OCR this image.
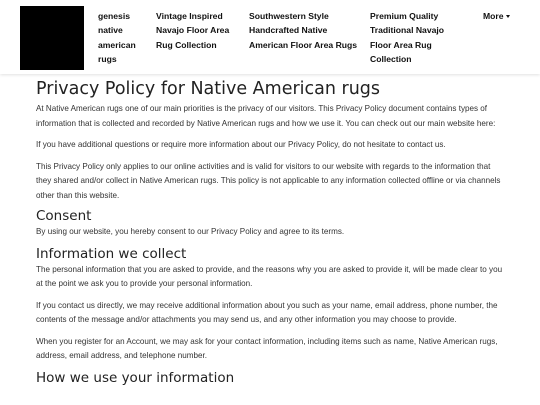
genesis native american rugs
Vintage Inspired Navajo Floor Area Rug Collection
Southwestern Style Handcrafted Native American Floor Area Rugs
Premium Quality Traditional Navajo Floor Area Rug Collection
More
Privacy Policy for Native American rugs

At Native American rugs one of our main priorities is the privacy of our visitors. This Privacy Policy document contains types of information that is collected and recorded by Native American rugs and how we use it. You can check out our main website here:

If you have additional questions or require more information about our Privacy Policy, do not hesitate to contact us.

This Privacy Policy only applies to our online activities and is valid for visitors to our website with regards to the information that they shared and/or collect in Native American rugs. This policy is not applicable to any information collected offline or via channels other than this website.

Consent

By using our website, you hereby consent to our Privacy Policy and agree to its terms.

Information we collect

The personal information that you are asked to provide, and the reasons why you are asked to provide it, will be made clear to you at the point we ask you to provide your personal information.

If you contact us directly, we may receive additional information about you such as your name, email address, phone number, the contents of the message and/or attachments you may send us, and any other information you may choose to provide.

When you register for an Account, we may ask for your contact information, including items such as name, Native American rugs, address, email address, and telephone number.

How we use your information
